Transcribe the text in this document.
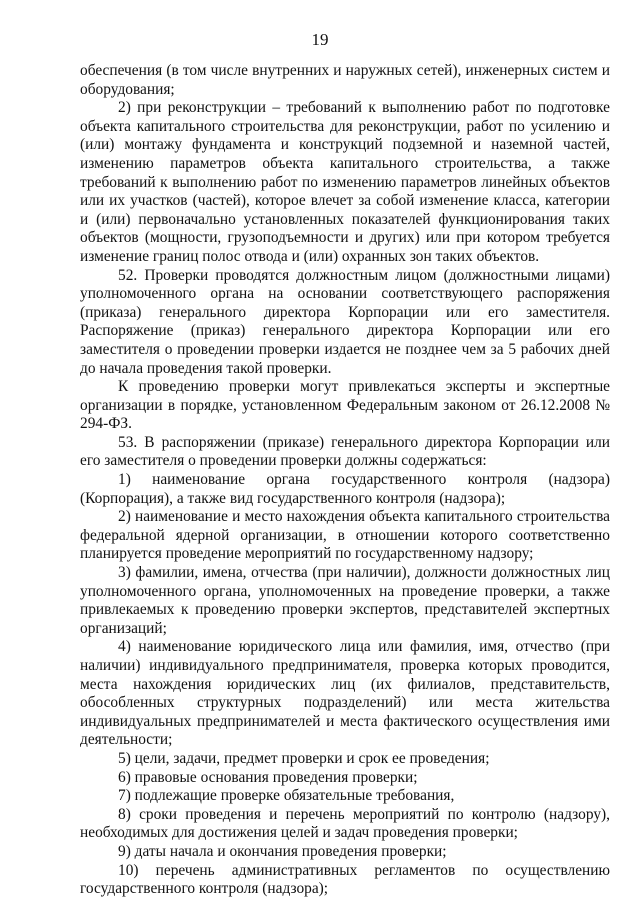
19

обеспечения (в том числе внутренних и наружных сетей), инженерных систем и оборудования;

2) при реконструкции – требований к выполнению работ по подготовке объекта капитального строительства для реконструкции, работ по усилению и (или) монтажу фундамента и конструкций подземной и наземной частей, изменению параметров объекта капитального строительства, а также требований к выполнению работ по изменению параметров линейных объектов или их участков (частей), которое влечет за собой изменение класса, категории и (или) первоначально установленных показателей функционирования таких объектов (мощности, грузоподъемности и других) или при котором требуется изменение границ полос отвода и (или) охранных зон таких объектов.

52. Проверки проводятся должностным лицом (должностными лицами) уполномоченного органа на основании соответствующего распоряжения (приказа) генерального директора Корпорации или его заместителя. Распоряжение (приказ) генерального директора Корпорации или его заместителя о проведении проверки издается не позднее чем за 5 рабочих дней до начала проведения такой проверки.

К проведению проверки могут привлекаться эксперты и экспертные организации в порядке, установленном Федеральным законом от 26.12.2008 № 294-ФЗ.

53. В распоряжении (приказе) генерального директора Корпорации или его заместителя о проведении проверки должны содержаться:

1) наименование органа государственного контроля (надзора) (Корпорация), а также вид государственного контроля (надзора);

2) наименование и место нахождения объекта капитального строительства федеральной ядерной организации, в отношении которого соответственно планируется проведение мероприятий по государственному надзору;

3) фамилии, имена, отчества (при наличии), должности должностных лиц уполномоченного органа, уполномоченных на проведение проверки, а также привлекаемых к проведению проверки экспертов, представителей экспертных организаций;

4) наименование юридического лица или фамилия, имя, отчество (при наличии) индивидуального предпринимателя, проверка которых проводится, места нахождения юридических лиц (их филиалов, представительств, обособленных структурных подразделений) или места жительства индивидуальных предпринимателей и места фактического осуществления ими деятельности;

5) цели, задачи, предмет проверки и срок ее проведения;

6) правовые основания проведения проверки;

7) подлежащие проверке обязательные требования,

8) сроки проведения и перечень мероприятий по контролю (надзору), необходимых для достижения целей и задач проведения проверки;

9) даты начала и окончания проведения проверки;

10) перечень административных регламентов по осуществлению государственного контроля (надзора);
